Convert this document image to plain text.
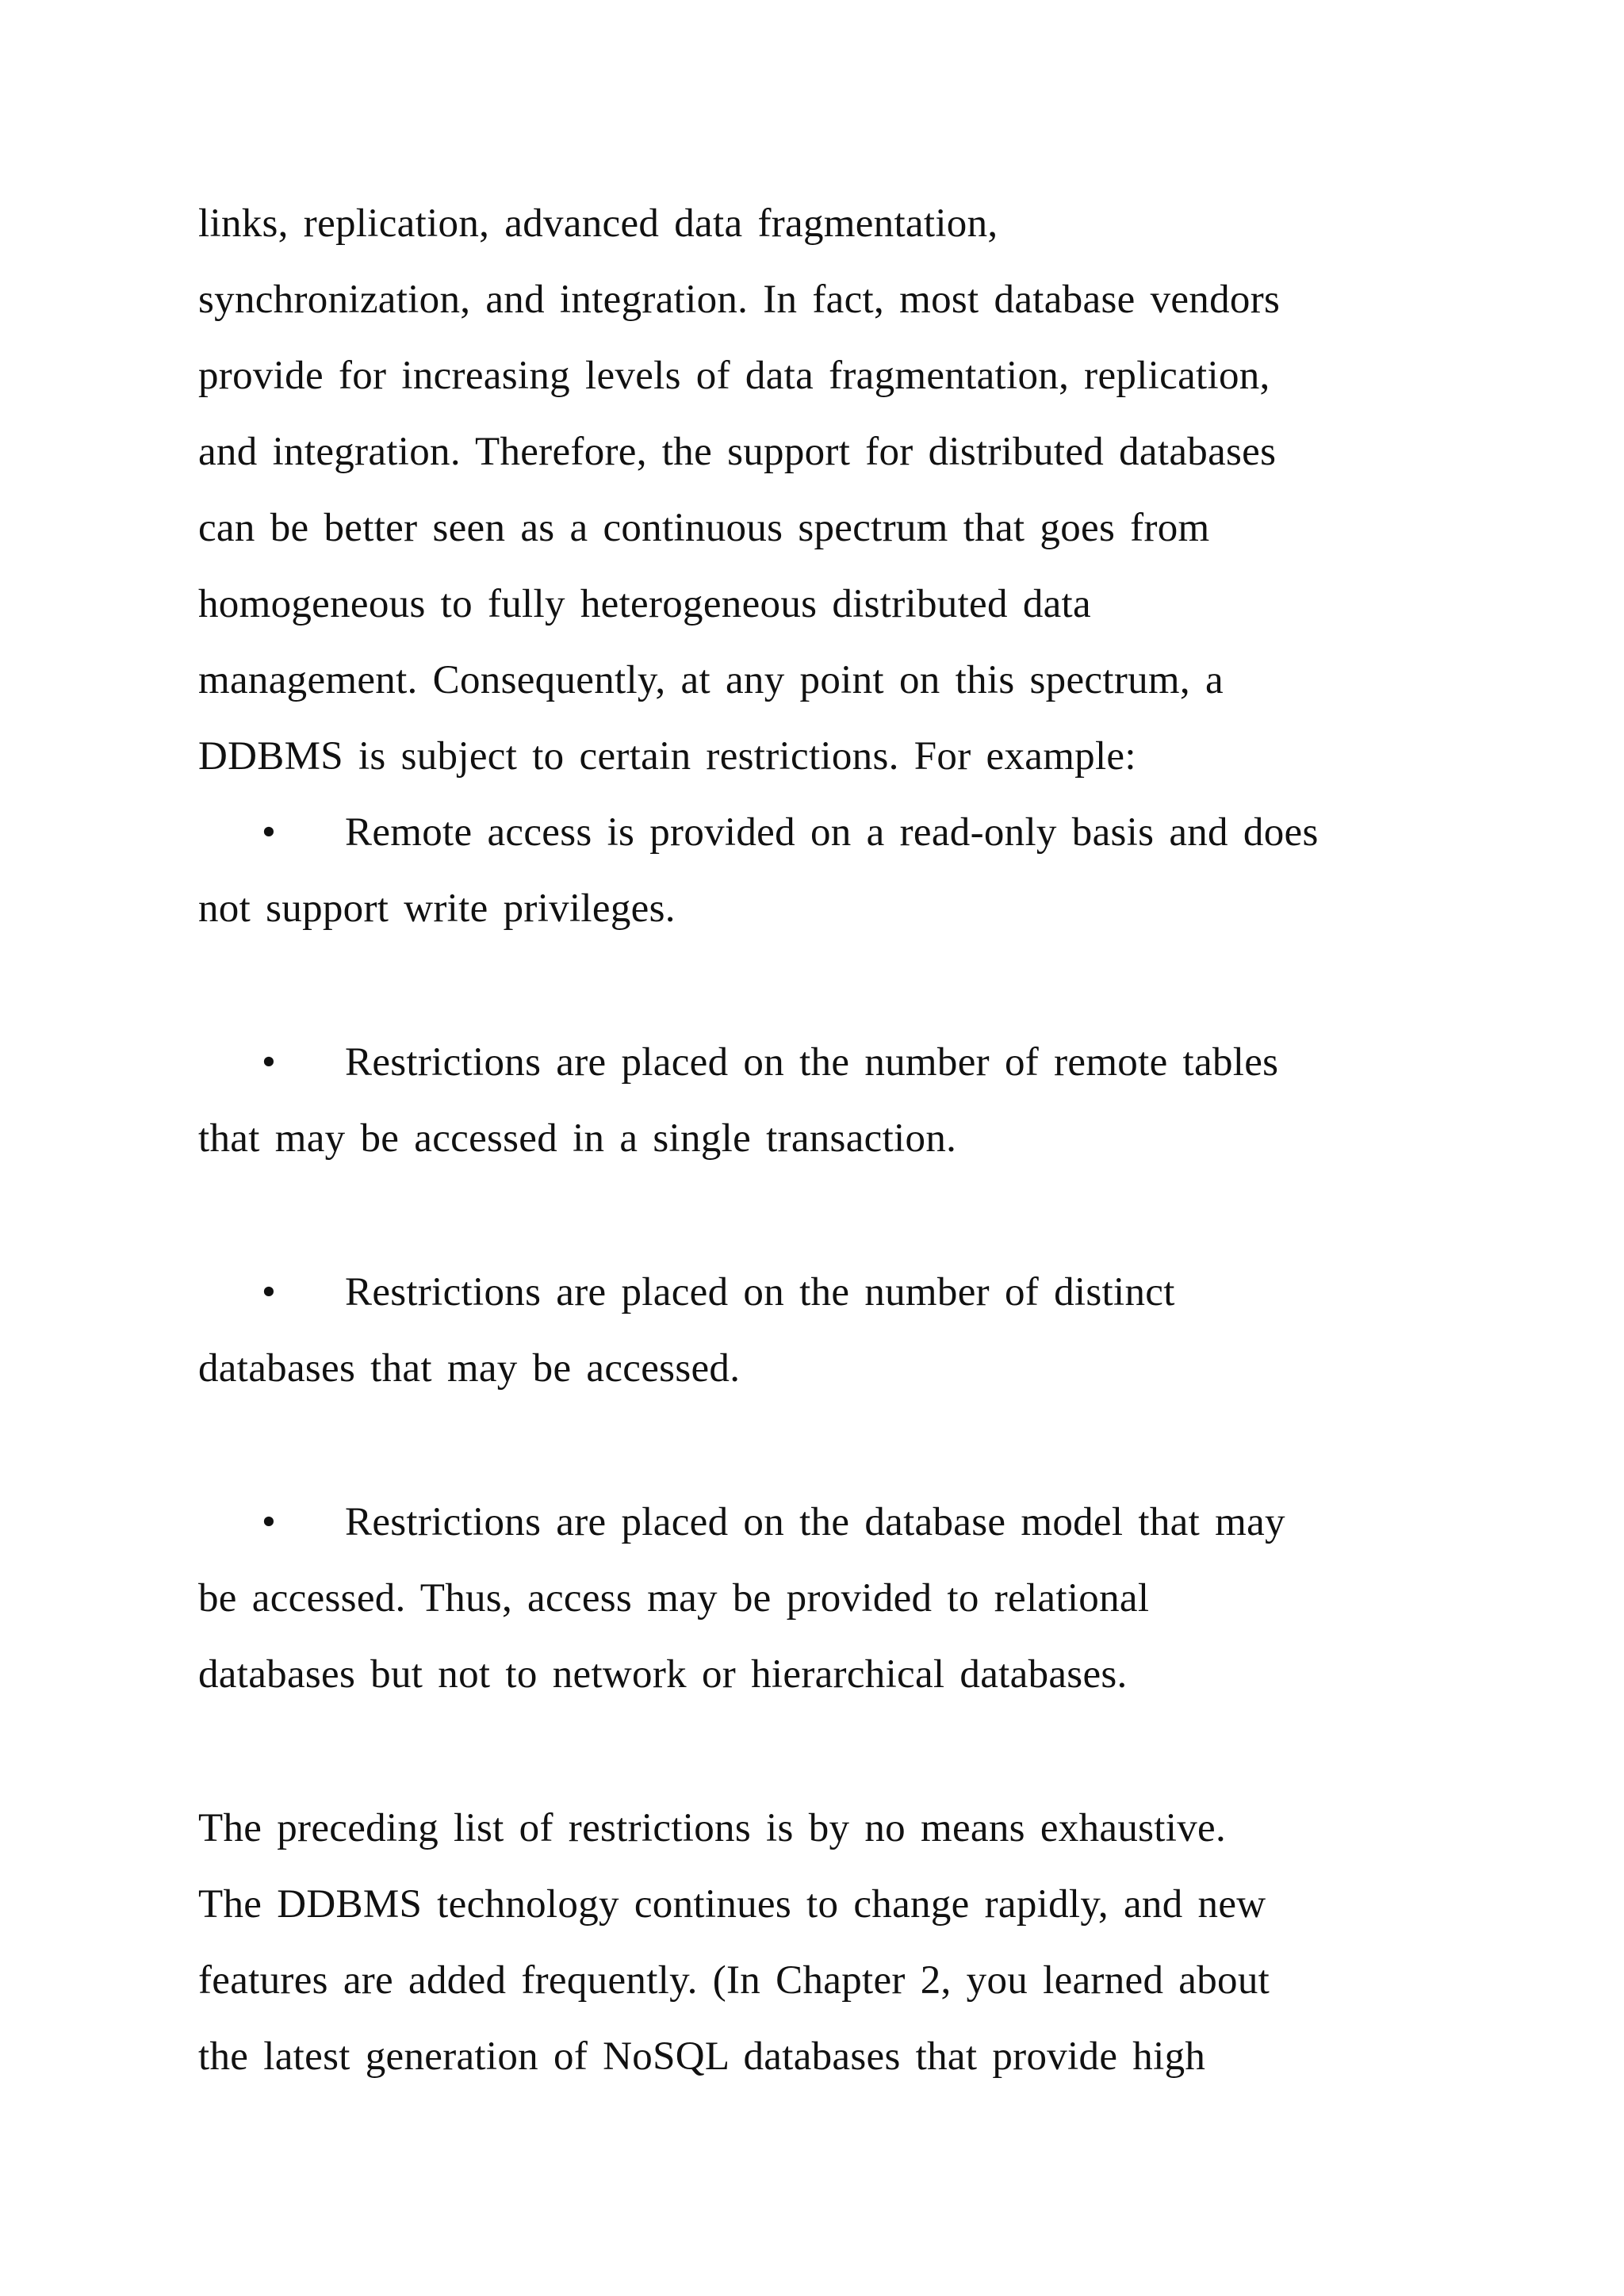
links, replication, advanced data fragmentation,
synchronization, and integration. In fact, most database vendors
provide for increasing levels of data fragmentation, replication,
and integration. Therefore, the support for distributed databases
can be better seen as a continuous spectrum that goes from
homogeneous to fully heterogeneous distributed data
management. Consequently, at any point on this spectrum, a
DDBMS is subject to certain restrictions. For example:

•

Remote access is provided on a read-only basis and does

not support write privileges.

•

Restrictions are placed on the number of remote tables

that may be accessed in a single transaction.

•

Restrictions are placed on the number of distinct

databases that may be accessed.

•

Restrictions are placed on the database model that may

be accessed. Thus, access may be provided to relational
databases but not to network or hierarchical databases.
The preceding list of restrictions is by no means exhaustive.
The DDBMS technology continues to change rapidly, and new
features are added frequently. (In Chapter 2, you learned about
the latest generation of NoSQL databases that provide high
